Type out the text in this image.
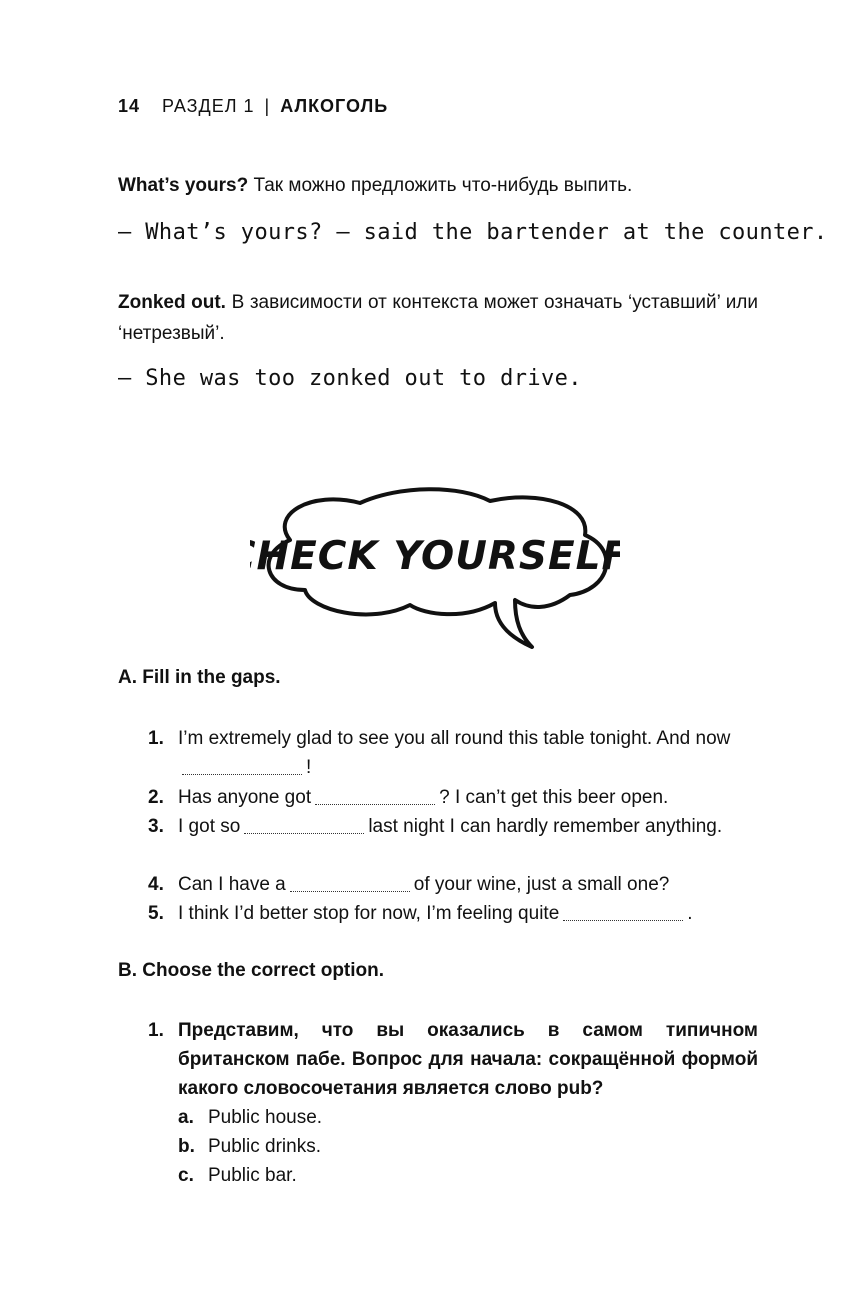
14 РАЗДЕЛ 1 | АЛКОГОЛЬ
What’s yours? Так можно предложить что-нибудь выпить.
— What’s yours? — said the bartender at the counter.
Zonked out. В зависимости от контекста может означать ‘уставший’ или ‘нетрезвый’.
— She was too zonked out to drive.
CHECK YOURSELF
A. Fill in the gaps.
1. I’m extremely glad to see you all round this table tonight. And now!
2. Has anyone got	? I can’t get this beer open.
3. I got so	last night I can hardly remember anything.
4. Can I have a	of your wine, just a small one?
5. I think I’d better stop for now, I’m feeling quite	.
B. Choose the correct option.
1. Представим, что вы оказались в самом типичном британском пабе. Вопрос для начала: сокращённой формой какого словосочетания является слово pub?
a. Public house.
b. Public drinks.
c. Public bar.
